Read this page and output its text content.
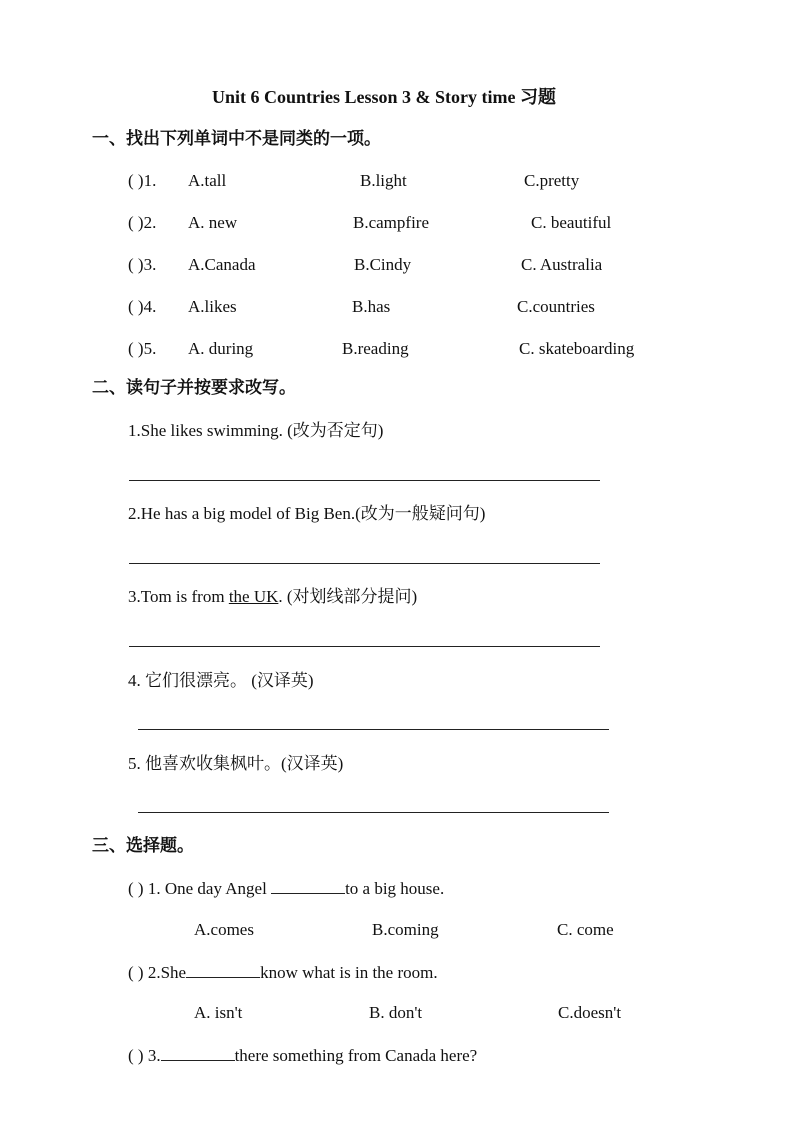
Unit 6 Countries Lesson 3 & Story time 习题
一、找出下列单词中不是同类的一项。
( )1. A.tall	B.light	C.pretty
( )2. A. new	B.campfire	C. beautiful
( )3. A.Canada	B.Cindy	C. Australia
( )4. A.likes	B.has	C.countries
( )5. A. during	B.reading	C. skateboarding
二、读句子并按要求改写。
1.She likes swimming. (改为否定句)
2.He has a big model of Big Ben.(改为一般疑问句)
3.Tom is from the UK. (对划线部分提问)
4. 它们很漂亮。 (汉译英)
5. 他喜欢收集枫叶。(汉译英)
三、选择题。
( ) 1. One day Angel	to a big house.
A.comes	B.coming	C. come
( ) 2.She	know what is in the room.
A. isn't	B. don't	C.doesn't
( ) 3.	there something from Canada here?
